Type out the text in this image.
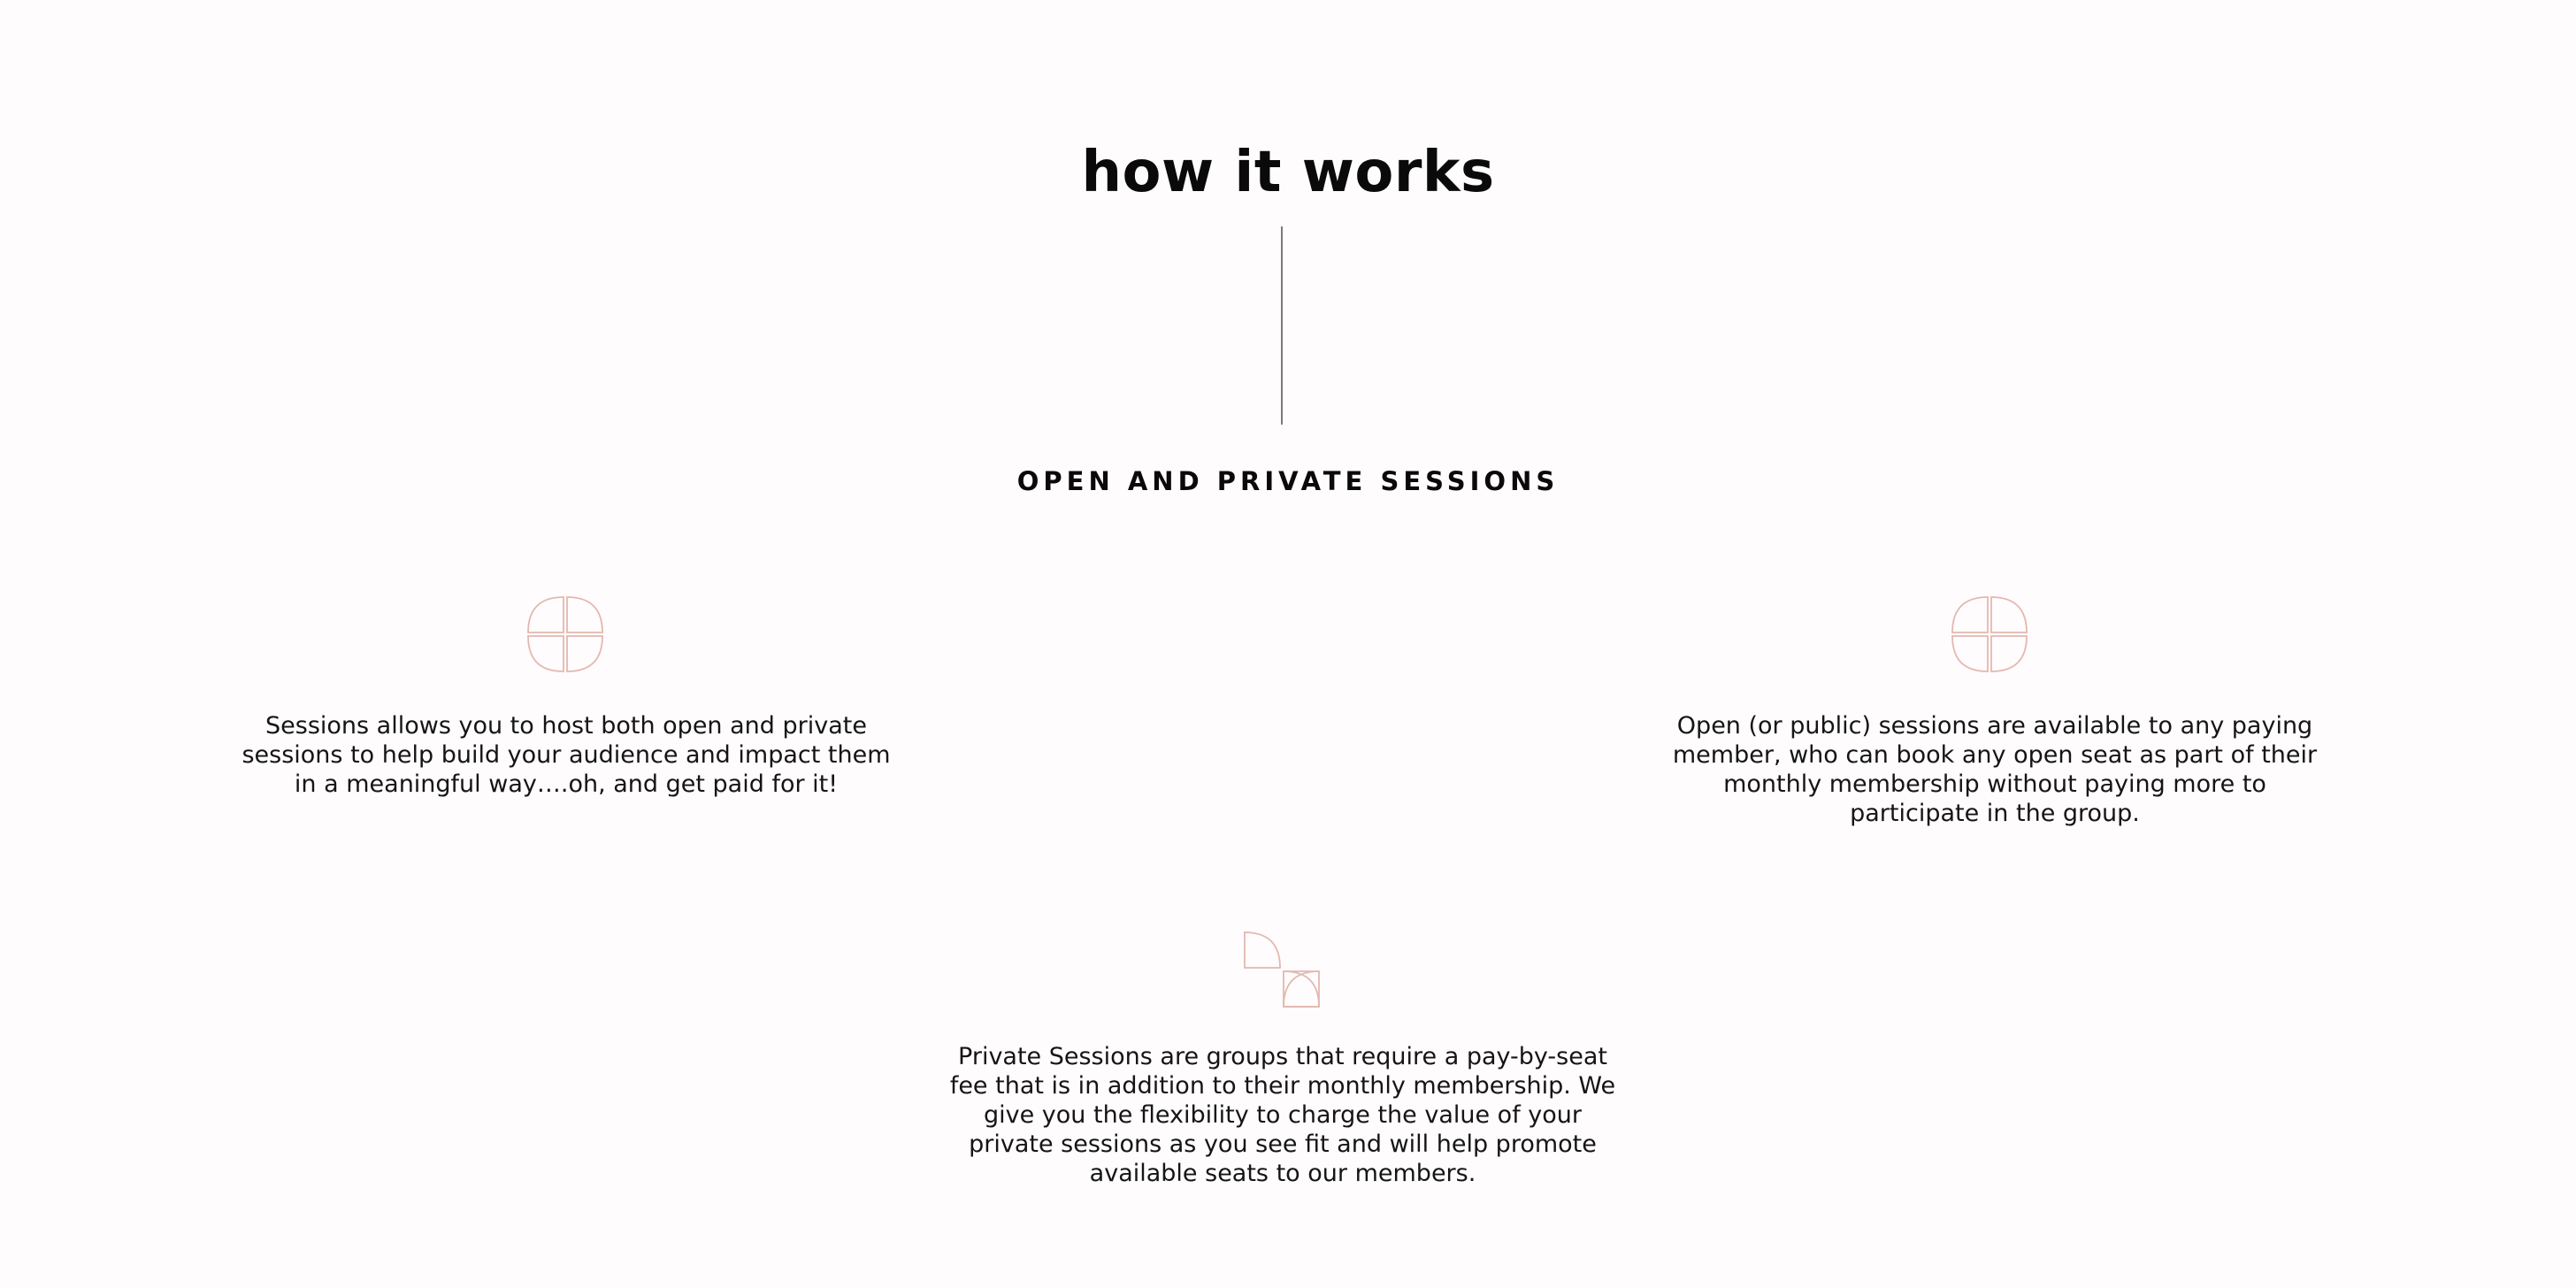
how it works
OPEN AND PRIVATE SESSIONS

Sessions allows you to host both open and private sessions to help build your audience and impact them in a meaningful way….oh, and get paid for it!

Open (or public) sessions are available to any paying member, who can book any open seat as part of their monthly membership without paying more to participate in the group.

Private Sessions are groups that require a pay-by-seat fee that is in addition to their monthly membership. We give you the flexibility to charge the value of your private sessions as you see fit and will help promote available seats to our members.
